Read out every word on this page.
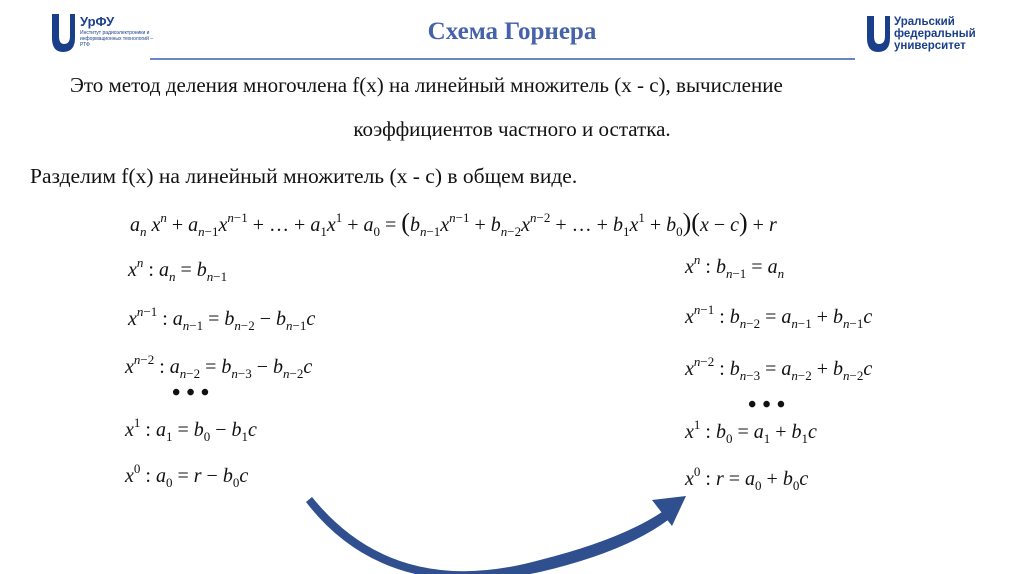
УрФУ
Институт радиоэлектроники и информационных технологий – РТФ	Схема Горнера	Уральский
федеральный
университет
Это метод деления многочлена f(x) на линейный множитель (x - c), вычисление
коэффициентов частного и остатка.
Разделим f(x) на линейный множитель (x - c) в общем виде.
$a_n$ $x^n + a_n-1x^n-1$ + … + $a_1x^1 + a_0 = (b_n-1x^n-1 + b_n-2x^n-2$ + … + $b_1x^1 + b_0)(x - c) + r$
$x^n$ : $a_n = b_n-1$
$x^n-1$ : $a_n-1 = b_n-2 - b_n-1c$
$x^n-2$ : $a_n-2 = b_n-3 - b_n-2c$
• • •
$x^1$ : $a_1 = b_0 - b_1c$
$x^0$ : $a_0 = r - b_0c$
$x^n$ : $b_n-1 = a_n$
$x^n-1$ : $b_n-2 = a_n-1 + b_n-1c$
$x^n-2$ : $b_n-3 = a_n-2 + b_n-2c$
• • •
$x^1$ : $b_0 = a_1 + b_1c$
$x^0$ : $r = a_0 + b_0c$
